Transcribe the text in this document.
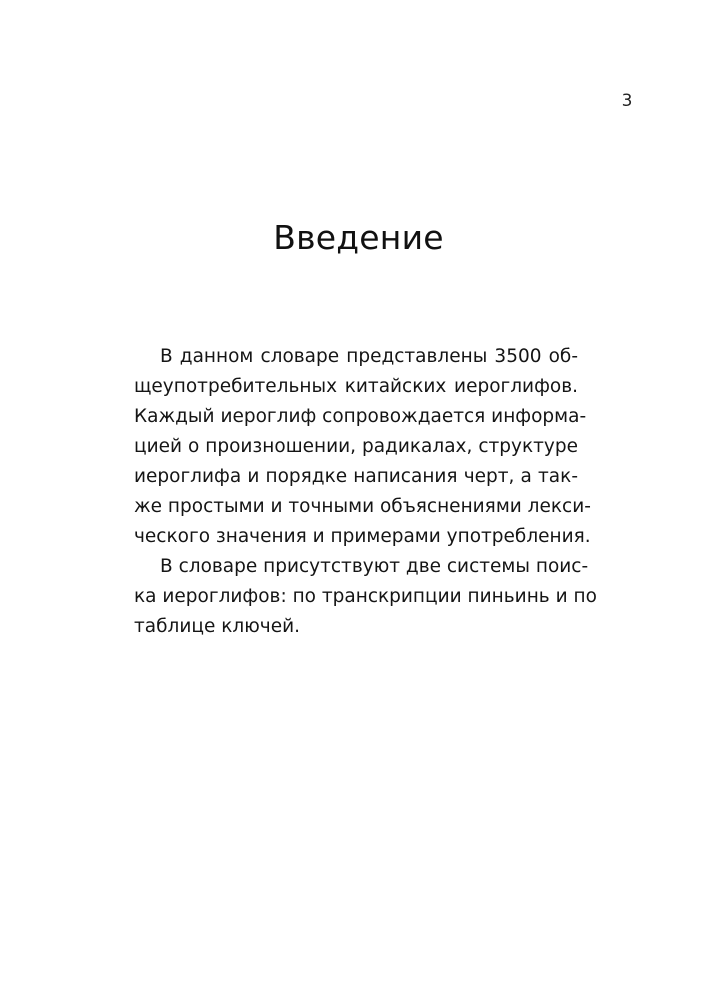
3
Введение
В данном словаре представлены 3500 об-
щеупотребительных китайских иероглифов.
Каждый иероглиф сопровождается информа-
цией о произношении, радикалах, структуре
иероглифа и порядке написания черт, а так-
же простыми и точными объяснениями лекси-
ческого значения и примерами употребления.
В словаре присутствуют две системы поис-
ка иероглифов: по транскрипции пиньинь и по
таблице ключей.
